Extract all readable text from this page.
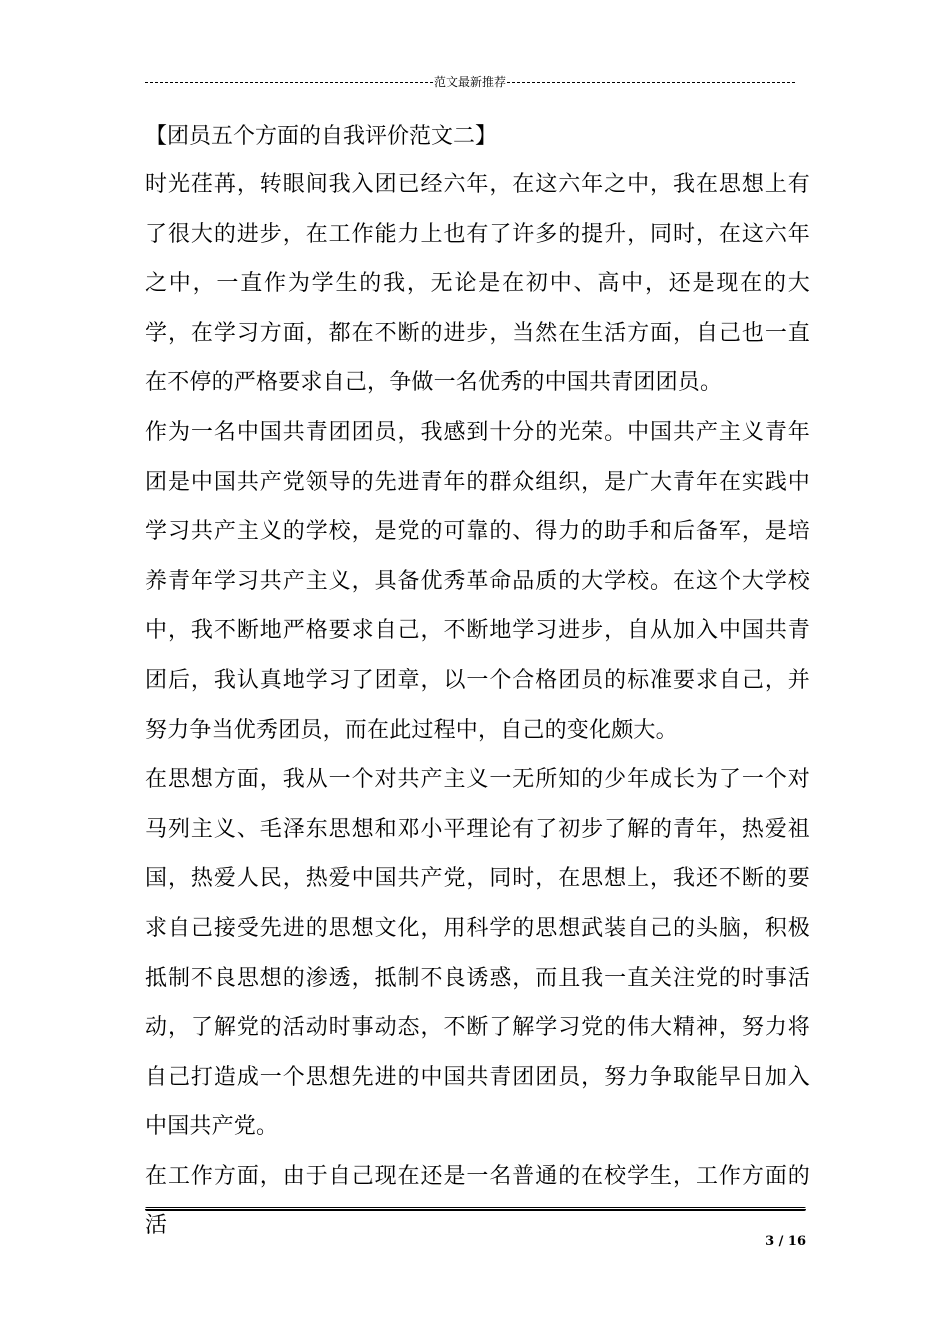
范文最新推荐
【团员五个方面的自我评价范文二】

时光荏苒，转眼间我入团已经六年，在这六年之中，我在思想上有了很大的进步，在工作能力上也有了许多的提升，同时，在这六年之中，一直作为学生的我，无论是在初中、高中，还是现在的大学，在学习方面，都在不断的进步，当然在生活方面，自己也一直在不停的严格要求自己，争做一名优秀的中国共青团团员。

作为一名中国共青团团员，我感到十分的光荣。中国共产主义青年团是中国共产党领导的先进青年的群众组织，是广大青年在实践中学习共产主义的学校，是党的可靠的、得力的助手和后备军，是培养青年学习共产主义，具备优秀革命品质的大学校。在这个大学校中，我不断地严格要求自己，不断地学习进步，自从加入中国共青团后，我认真地学习了团章，以一个合格团员的标准要求自己，并努力争当优秀团员，而在此过程中，自己的变化颇大。

在思想方面，我从一个对共产主义一无所知的少年成长为了一个对马列主义、毛泽东思想和邓小平理论有了初步了解的青年，热爱祖国，热爱人民，热爱中国共产党，同时，在思想上，我还不断的要求自己接受先进的思想文化，用科学的思想武装自己的头脑，积极抵制不良思想的渗透，抵制不良诱惑，而且我一直关注党的时事活动，了解党的活动时事动态，不断了解学习党的伟大精神，努力将自己打造成一个思想先进的中国共青团团员，努力争取能早日加入中国共产党。

在工作方面，由于自己现在还是一名普通的在校学生，工作方面的活

3 / 16
